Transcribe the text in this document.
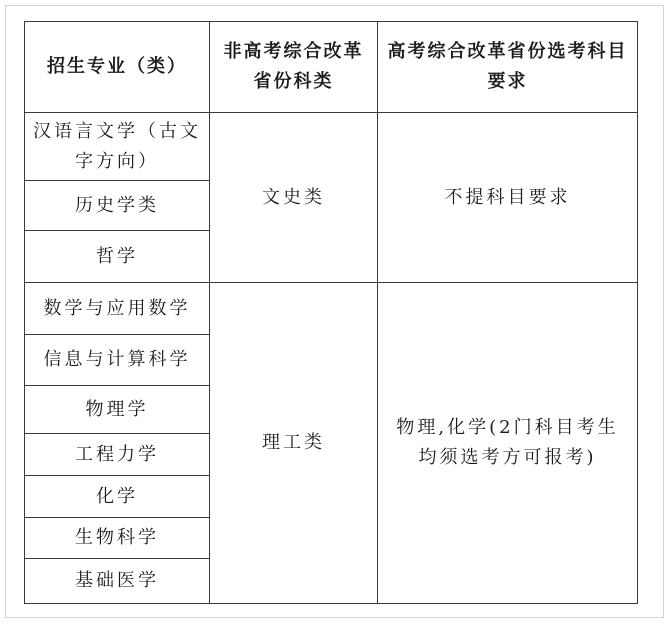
招生专业（类）	非高考综合改革省份科类	高考综合改革省份选考科目要求
汉语言文学（古文字方向）	文史类	不提科目要求
历史学类		
哲学		
数学与应用数学	理工类	物理,化学(2门科目考生均须选考方可报考)
信息与计算科学		
物理学		
工程力学		
化学		
生物科学		
基础医学		
